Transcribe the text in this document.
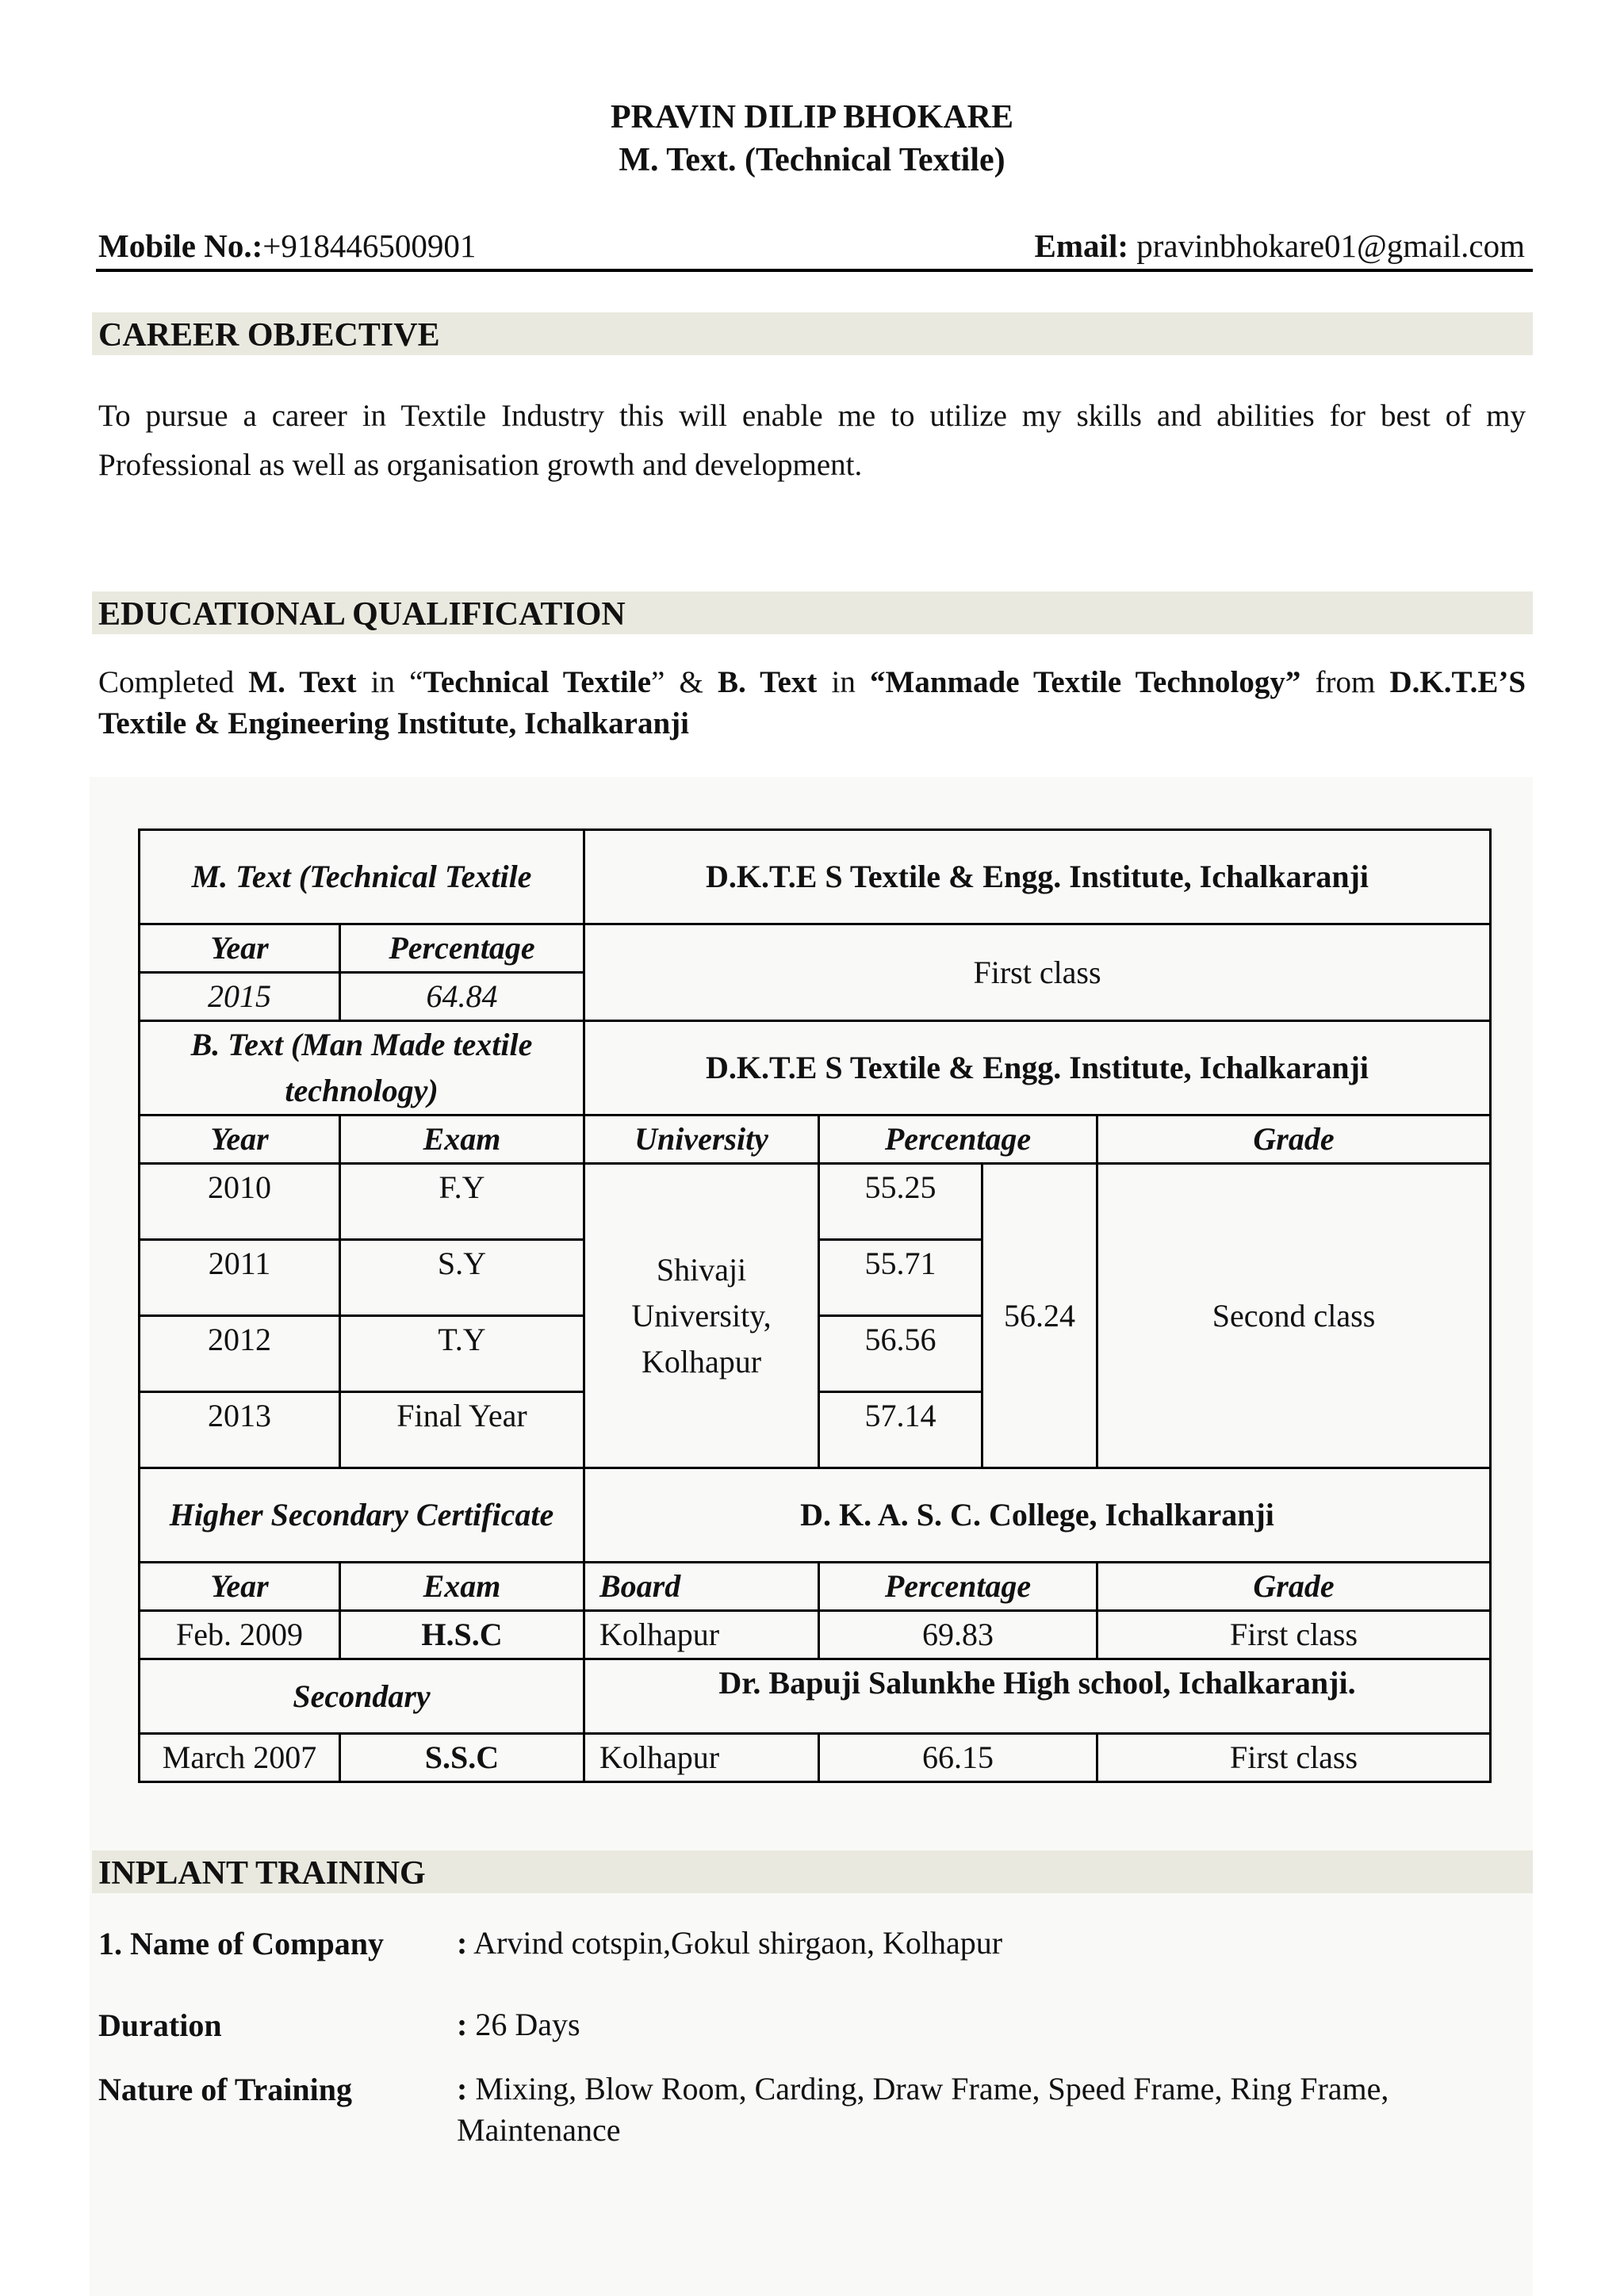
PRAVIN DILIP BHOKARE
M. Text. (Technical Textile)
Mobile No.:+918446500901	Email: pravinbhokare01@gmail.com
CAREER OBJECTIVE
To pursue a career in Textile Industry this will enable me to utilize my skills and abilities for best of my Professional as well as organisation growth and development.
EDUCATIONAL QUALIFICATION
Completed M. Text in “Technical Textile” & B. Text in “Manmade Textile Technology” from D.K.T.E’S Textile & Engineering Institute, Ichalkaranji
M. Text (Technical Textile		D.K.T.E S Textile & Engg. Institute, Ichalkaranji			
Year	Percentage	First class			
2015	64.84				
B. Text (Man Made textile technology)		D.K.T.E S Textile & Engg. Institute, Ichalkaranji			
Year	Exam	University	Percentage		Grade
2010	F.Y	Shivaji University, Kolhapur	55.25	56.24	Second class
2011	S.Y		55.71		
2012	T.Y		56.56		
2013	Final Year		57.14		
Higher Secondary Certificate		D. K. A. S. C. College, Ichalkaranji			
Year	Exam	Board	Percentage		Grade
Feb. 2009	H.S.C	Kolhapur	69.83		First class
Secondary		Dr. Bapuji Salunkhe High school, Ichalkaranji.			
March 2007	S.S.C	Kolhapur	66.15		First class
INPLANT TRAINING
1. Name of Company : Arvind cotspin,Gokul shirgaon, Kolhapur
Duration	: 26 Days
Nature of Training	: Mixing, Blow Room, Carding, Draw Frame, Speed Frame, Ring Frame, Maintenance
